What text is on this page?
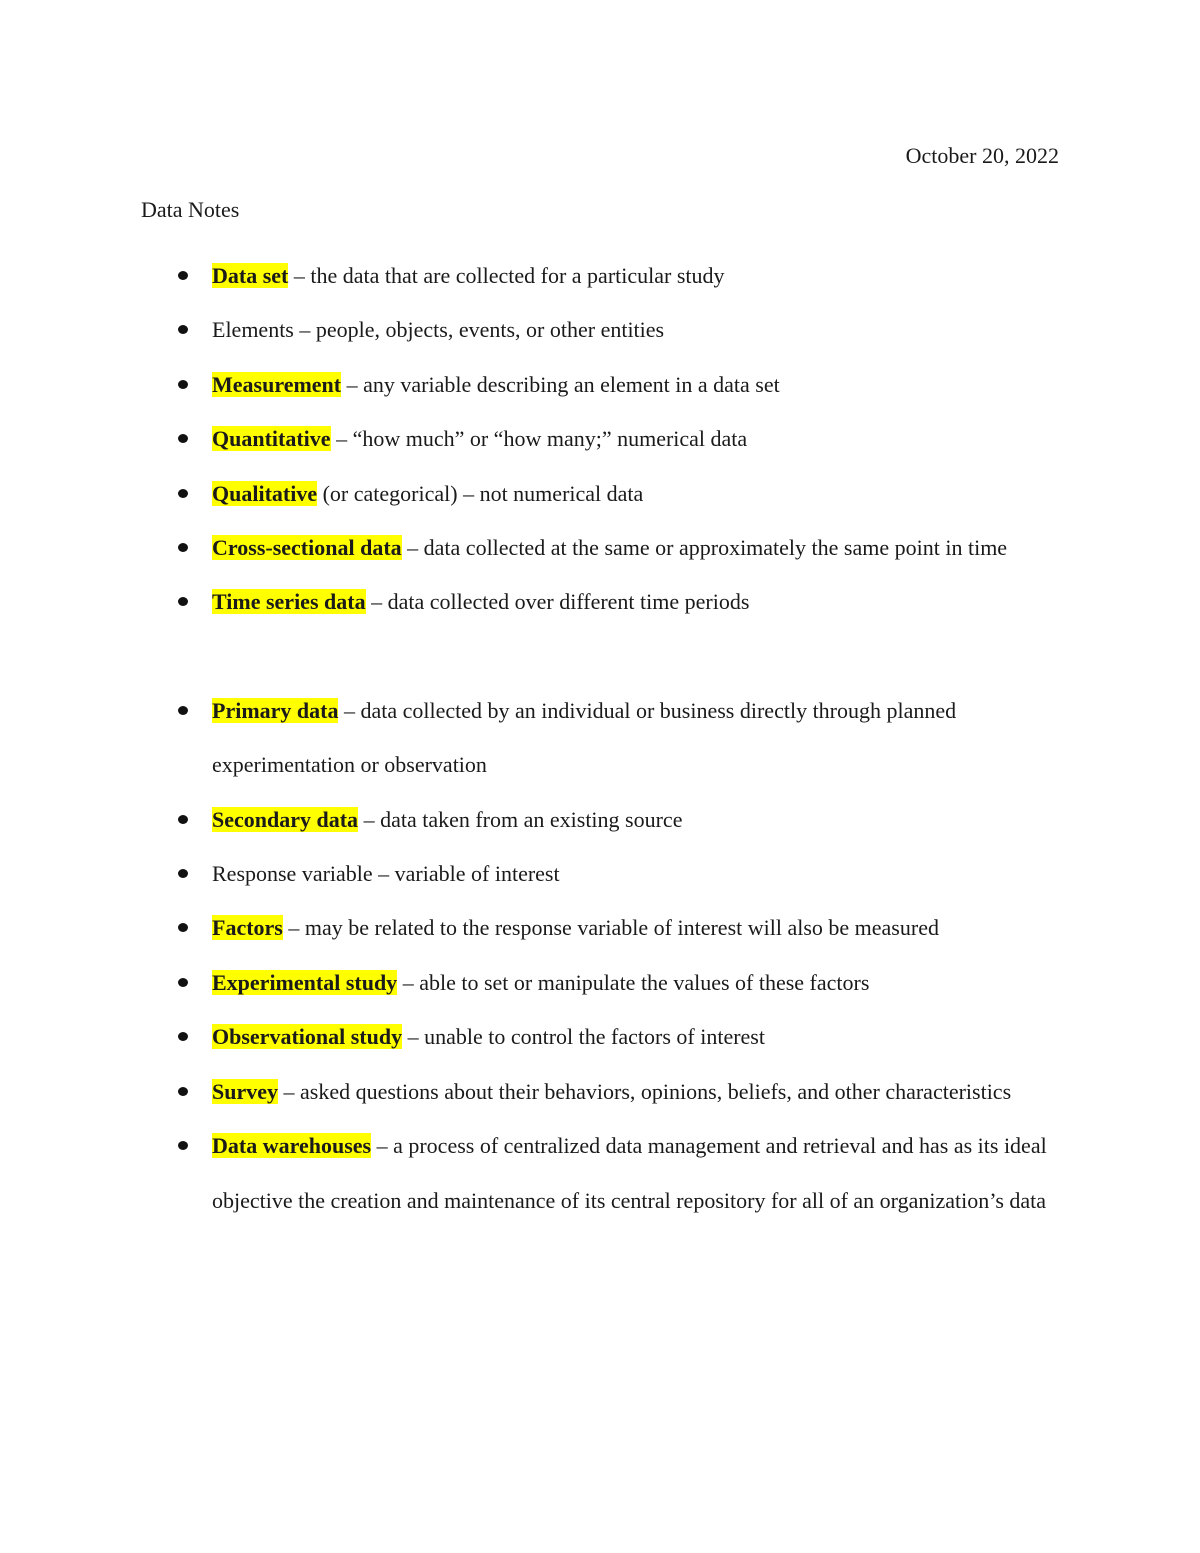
October 20, 2022
Data Notes
Data set – the data that are collected for a particular study
Elements – people, objects, events, or other entities
Measurement – any variable describing an element in a data set
Quantitative – “how much” or “how many;” numerical data
Qualitative (or categorical) – not numerical data
Cross-sectional data – data collected at the same or approximately the same point in time
Time series data – data collected over different time periods
Primary data – data collected by an individual or business directly through planned experimentation or observation
Secondary data – data taken from an existing source
Response variable – variable of interest
Factors – may be related to the response variable of interest will also be measured
Experimental study – able to set or manipulate the values of these factors
Observational study – unable to control the factors of interest
Survey – asked questions about their behaviors, opinions, beliefs, and other characteristics
Data warehouses – a process of centralized data management and retrieval and has as its ideal objective the creation and maintenance of its central repository for all of an organization’s data
